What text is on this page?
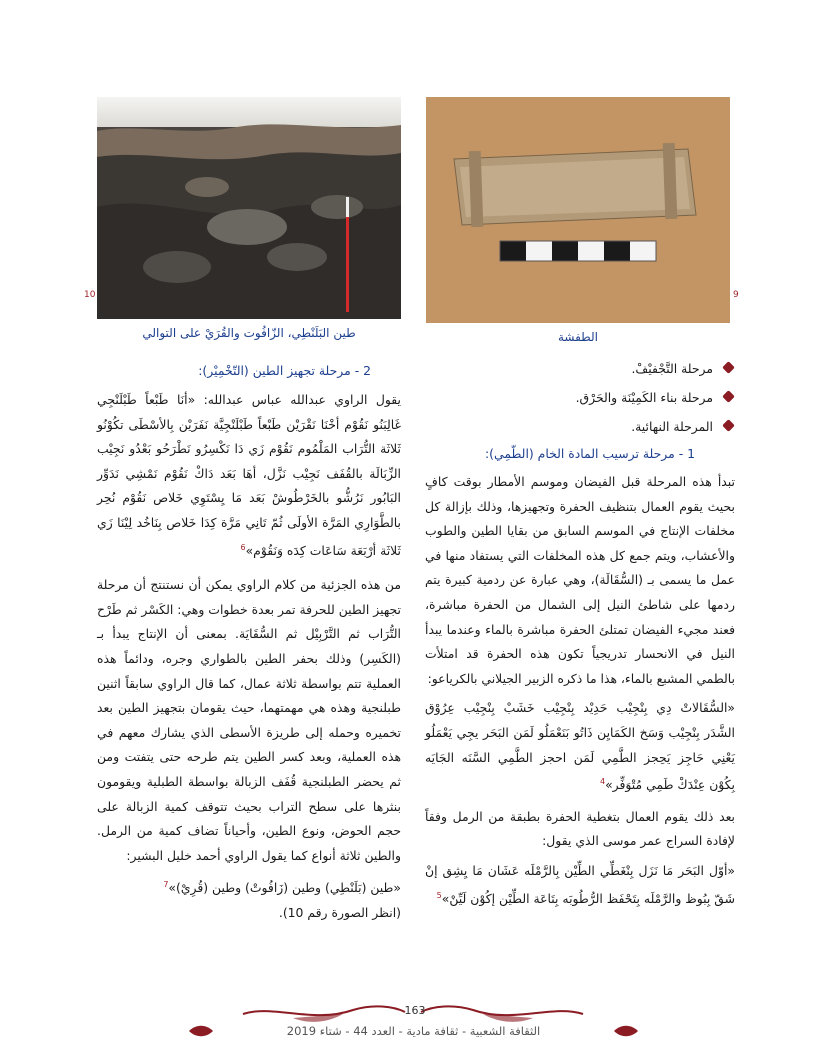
10
طين البَلَنْطِي، الزّافُوت والقُرَيْ على التوالي
9
الطفشة
مرحلة التَّجْفيْفْ.
مرحلة بناء الكَمِيْنَة والحَرْق.
المرحلة النهائية.

1 - مرحلة ترسيب المادة الخام (الطّمِي):

تبدأ هذه المرحلة قبل الفيضان وموسم الأمطار بوقت كافٍ بحيث يقوم العمال بتنظيف الحفرة وتجهيزها، وذلك بإزالة كل مخلفات الإنتاج في الموسم السابق من بقايا الطين والطوب والأعشاب، ويتم جمع كل هذه المخلفات التي يستفاد منها في عمل ما يسمى بـ (السُّقَالَة)، وهي عبارة عن ردمية كبيرة يتم ردمها على شاطئ النيل إلى الشمال من الحفرة مباشرة، فعند مجيء الفيضان تمتلئ الحفرة مباشرة بالماء وعندما يبدأ النيل في الانحسار تدريجياً تكون هذه الحفرة قد امتلأت بالطمي المشبع بالماء، هذا ما ذكره الزبير الجيلاني بالكرياعو:

«السُّقَالاتْ دِي بِنْجِيْب حَدِيْد بِنْجِيْب خَشَبْ بِنْجِيْب عِرُوْق الشَّدَر بِنْجِيْب وَسَخ الكَمَايِن ذَاتُو بَنَعْمَلُو لَمَن البَحَر يجِي يَعْمَلُو يَعْنِي حَاجِز يَحِجز الطَّمِي لَمَن احجز الطَّمِي السَّنَه الجَايَه بِكُوْن عِنْدَكْ طَمِي مُتْوَفِّر»$^4$

بعد ذلك يقوم العمال بتغطية الحفرة بطبقة من الرمل وفقاً لإفادة السراج عمر موسى الذي يقول:

«أوّل البَحَر مَا نَزَل بِنْغَطِّي الطِّيْن بِالرَّمْلَه عَشَان مَا يِشِق إنْ شَقّ بِبُوظ والرَّمْلَه بِتَحْفَظ الرُّطُوبَه بِتَاعَة الطِّيْن إكُوْن لَيِّنْ»$^5$

2 - مرحلة تجهيز الطين (التّخْمِيْر):

يقول الراوي عبدالله عباس عبدالله: «أنَا طَبْعاً طَبْلَنْجِي غَالِبَنُو نَقُوْم أخْنَا نَقْرَيْن طَبْعاً طَبْلَنْجِيَّة نَفَرَيْن بِالأسْطَى تكُوْنُو ثَلاثَة التُّرَاب المَلْمُوم نَقُوْم زَي دَا نَكْسِرُو نَطْرَحُو بَعْدُو نَجِيْب الزِّبَالَة بالقُفَف نَجِيْب نَزَّل، أهَا بَعَد دَاكْ نَقُوْم نَمْشِي نَدَوِّر البَابُور نَرُشُّو بالخَرْطُوشْ بَعَد مَا يِسْتَوِي خَلاص نَقُوْم نُحِر بالطَّوَارِي المَرَّة الأولَى ثُمّ تَانِي مَرَّة كِدَا خَلاص بِنَاخُد لِيْنَا زَي ثَلاثَة أرْبَعَة سَاعَات كِدَه وَنَقُوْم»$^6$

من هذه الجزئية من كلام الراوي يمكن أن نستنتج أن مرحلة تجهيز الطين للحرفة تمر بعدة خطوات وهي: الكَسْر ثم طَرْح التُّرَاب ثم التَّرْبِيْل ثم السُّقَايَة. بمعنى أن الإنتاج يبدأ بـ (الكَسِر) وذلك بحفر الطين بالطواري وجره، ودائماً هذه العملية تتم بواسطة ثلاثة عمال، كما قال الراوي سابقاً اثنين طبلنجية وهذه هي مهمتهما، حيث يقومان بتجهيز الطين بعد تخميره وحمله إلى طريزة الأسطى الذي يشارك معهم في هذه العملية، وبعد كسر الطين يتم طرحه حتى يتفتت ومن ثم يحضر الطبلنجية قُفَف الزبالة بواسطة الطبلية ويقومون بنثرها على سطح التراب بحيث تتوقف كمية الزبالة على حجم الحوض، ونوع الطين، وأحياناً تضاف كمية من الرمل. والطين ثلاثة أنواع كما يقول الراوي أحمد خليل البشير:

«طين (بَلَنْطِي) وطين (زَافُوتْ) وطين (قُرِيْ)»$^7$

(انظر الصورة رقم 10).

163
الثقافة الشعبية - ثقافة مادية - العدد 44 - شتاء 2019
